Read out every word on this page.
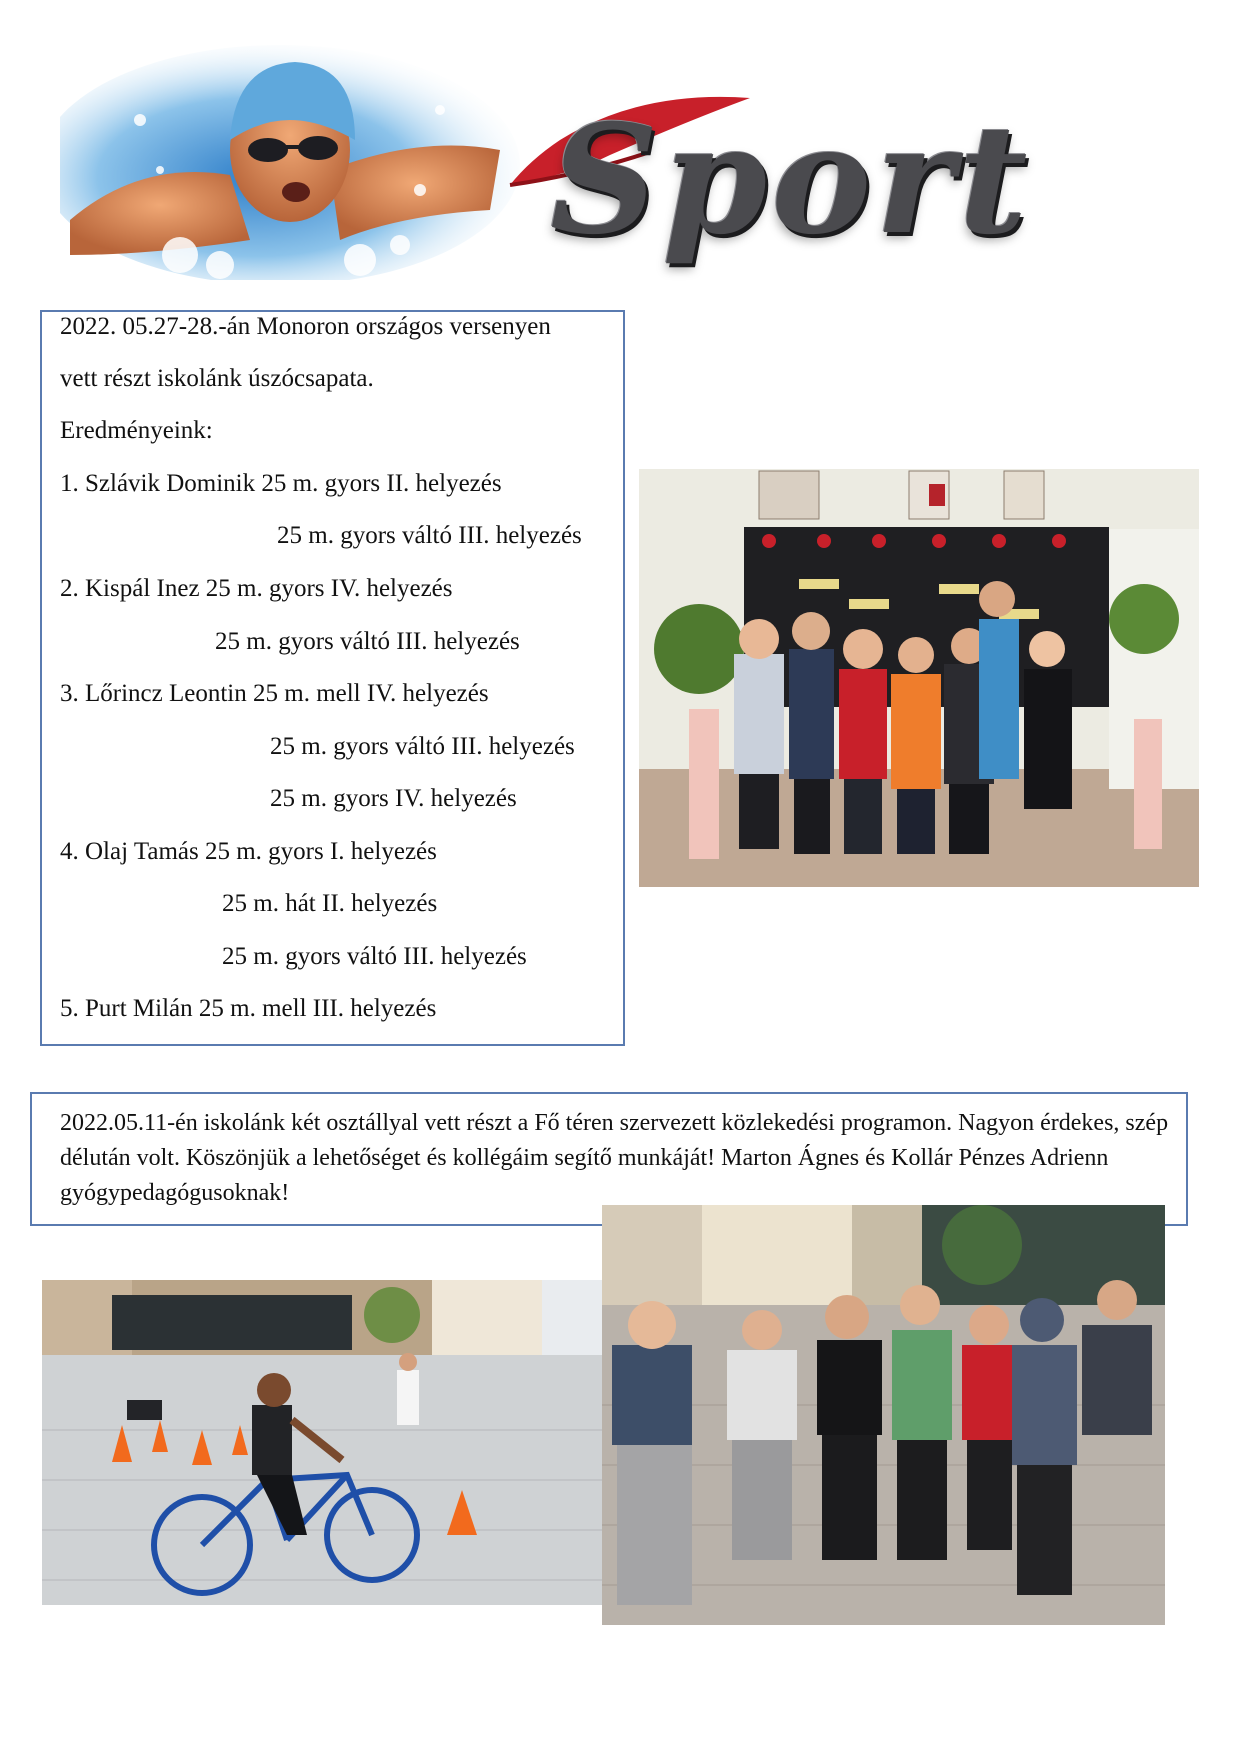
Sport
2022. 05.27-28.-án Monoron országos versenyen
vett részt iskolánk úszócsapata.
Eredményeink:
1. Szlávik Dominik 25 m. gyors II. helyezés
25 m. gyors váltó III. helyezés
2. Kispál Inez 25 m. gyors IV. helyezés
25 m. gyors váltó III. helyezés
3. Lőrincz Leontin 25 m. mell IV. helyezés
25 m. gyors váltó III. helyezés
25 m. gyors IV. helyezés
4. Olaj Tamás 25 m. gyors I. helyezés
25 m. hát II. helyezés
25 m. gyors váltó III. helyezés
5. Purt Milán 25 m. mell III. helyezés

2022.05.11-én iskolánk két osztállyal vett részt a Fő téren szervezett közlekedési programon. Nagyon érdekes, szép délután volt. Köszönjük a lehetőséget és kollégáim segítő munkáját! Marton Ágnes és Kollár Pénzes Adrienn gyógypedagógusoknak!
